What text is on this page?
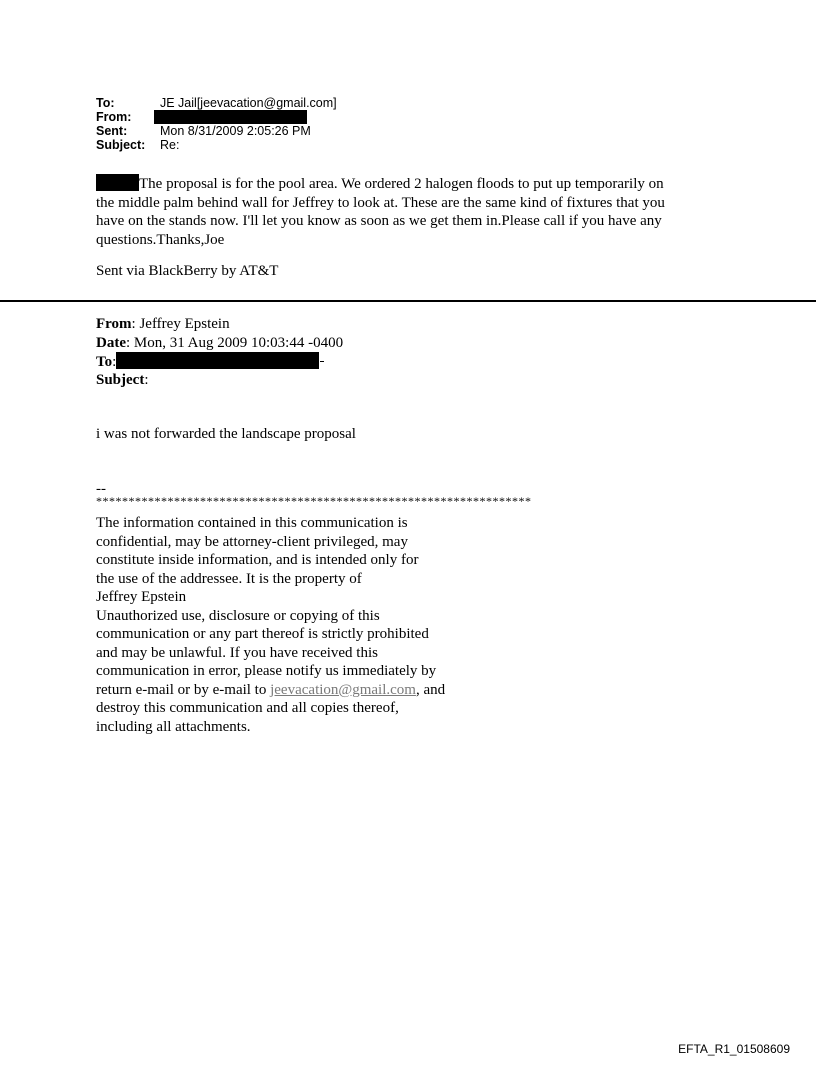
To:	JE Jail[jeevacation@gmail.com]
From:
Sent:	Mon 8/31/2009 2:05:26 PM
Subject:	Re:
The proposal is for the pool area. We ordered 2 halogen floods to put up temporarily on
the middle palm behind wall for Jeffrey to look at. These are the same kind of fixtures that you
have on the stands now. I'll let you know as soon as we get them in.Please call if you have any
questions.Thanks,Joe
Sent via BlackBerry by AT&T
From: Jeffrey Epstein
Date: Mon, 31 Aug 2009 10:03:44 -0400
To:
Subject:
i was not forwarded the landscape proposal
--
*******************************************************************
The information contained in this communication is
confidential, may be attorney-client privileged, may
constitute inside information, and is intended only for
the use of the addressee. It is the property of
Jeffrey Epstein
Unauthorized use, disclosure or copying of this
communication or any part thereof is strictly prohibited
and may be unlawful. If you have received this
communication in error, please notify us immediately by
return e-mail or by e-mail to jeevacation@gmail.com, and
destroy this communication and all copies thereof,
including all attachments.
EFTA_R1_01508609
